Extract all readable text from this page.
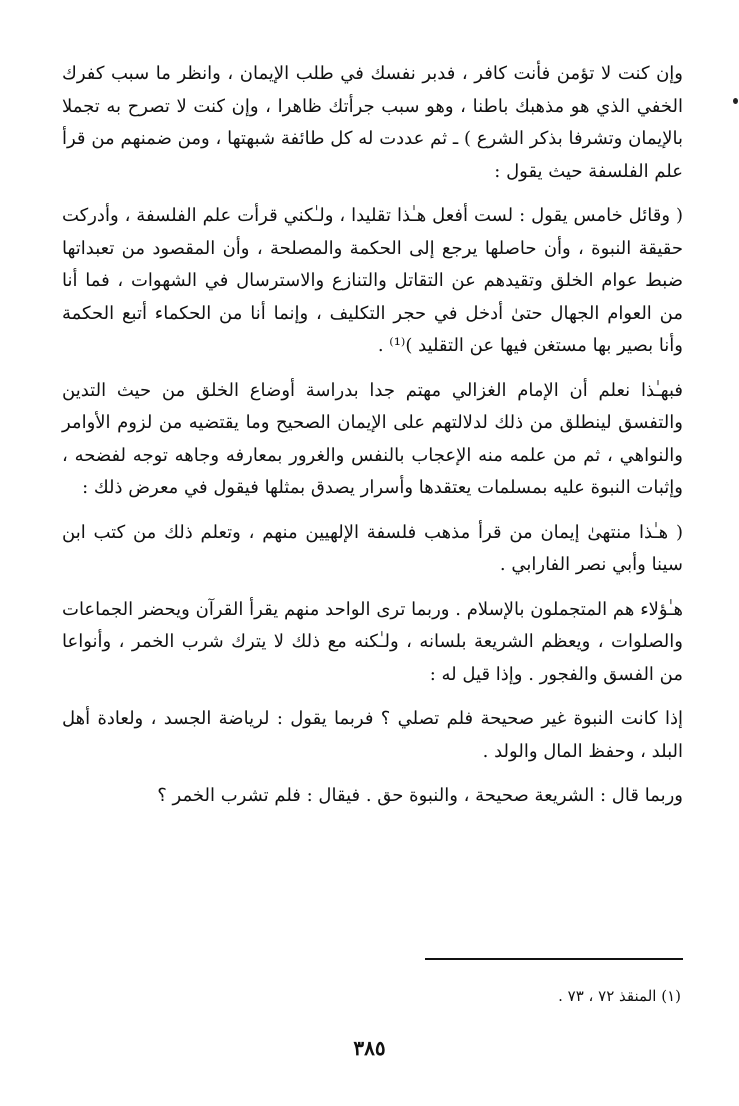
وإن كنت لا تؤمن فأنت كافر ، فدبر نفسك في طلب الإيمان ، وانظر ما سبب كفرك الخفي الذي هو مذهبك باطنا ، وهو سبب جرأتك ظاهرا ، وإن كنت لا تصرح به تجملا بالإيمان وتشرفا بذكر الشرع ) ـ ثم عددت له كل طائفة شبهتها ، ومن ضمنهم من قرأ علم الفلسفة حيث يقول :

( وقائل خامس يقول : لست أفعل هـٰذا تقليدا ، ولـٰكني قرأت علم الفلسفة ، وأدركت حقيقة النبوة ، وأن حاصلها يرجع إلى الحكمة والمصلحة ، وأن المقصود من تعبداتها ضبط عوام الخلق وتقيدهم عن التقاتل والتنازع والاسترسال في الشهوات ، فما أنا من العوام الجهال حتىٰ أدخل في حجر التكليف ، وإنما أنا من الحكماء أتبع الحكمة وأنا بصير بها مستغن فيها عن التقليد )⁽¹⁾ .

فبهـٰذا نعلم أن الإمام الغزالي مهتم جدا بدراسة أوضاع الخلق من حيث التدين والتفسق لينطلق من ذلك لدلالتهم على الإيمان الصحيح وما يقتضيه من لزوم الأوامر والنواهي ، ثم من علمه منه الإعجاب بالنفس والغرور بمعارفه وجاهه توجه لفضحه ، وإثبات النبوة عليه بمسلمات يعتقدها وأسرار يصدق بمثلها فيقول في معرض ذلك :

( هـٰذا منتهىٰ إيمان من قرأ مذهب فلسفة الإلهيين منهم ، وتعلم ذلك من كتب ابن سينا وأبي نصر الفارابي .

هـٰؤلاء هم المتجملون بالإسلام . وربما ترى الواحد منهم يقرأ القرآن ويحضر الجماعات والصلوات ، ويعظم الشريعة بلسانه ، ولـٰكنه مع ذلك لا يترك شرب الخمر ، وأنواعا من الفسق والفجور . وإذا قيل له :

إذا كانت النبوة غير صحيحة فلم تصلي ؟ فربما يقول : لرياضة الجسد ، ولعادة أهل البلد ، وحفظ المال والولد .

وربما قال : الشريعة صحيحة ، والنبوة حق . فيقال : فلم تشرب الخمر ؟

(١) المنقذ ٧٢ ، ٧٣ .
٣٨٥
